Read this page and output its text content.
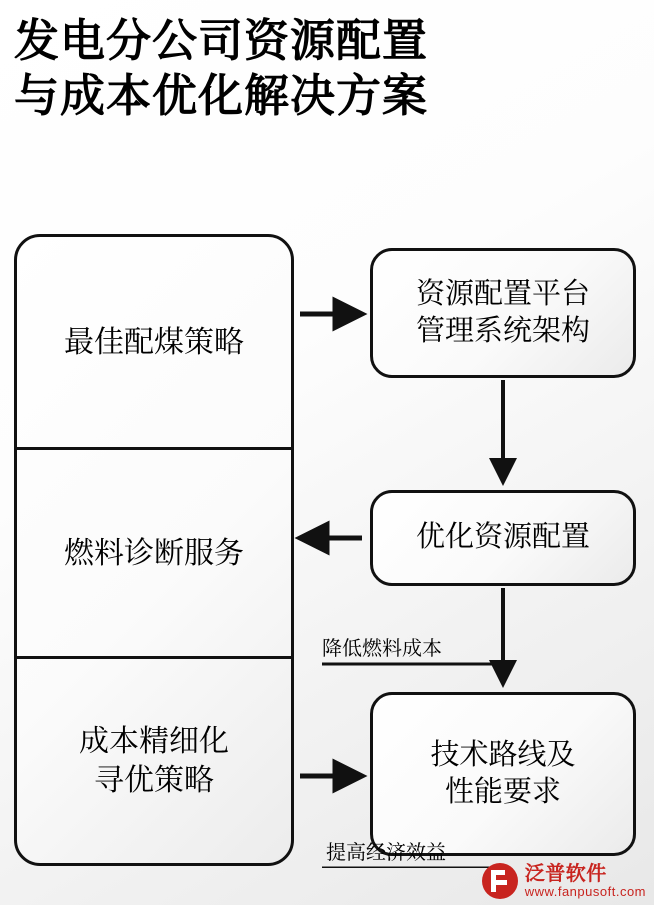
发电分公司资源配置
与成本优化解决方案
最佳配煤策略
燃料诊断服务
成本精细化
寻优策略
资源配置平台
管理系统架构
优化资源配置
技术路线及
性能要求
降低燃料成本
提高经济效益
泛普软件
www.fanpusoft.com
